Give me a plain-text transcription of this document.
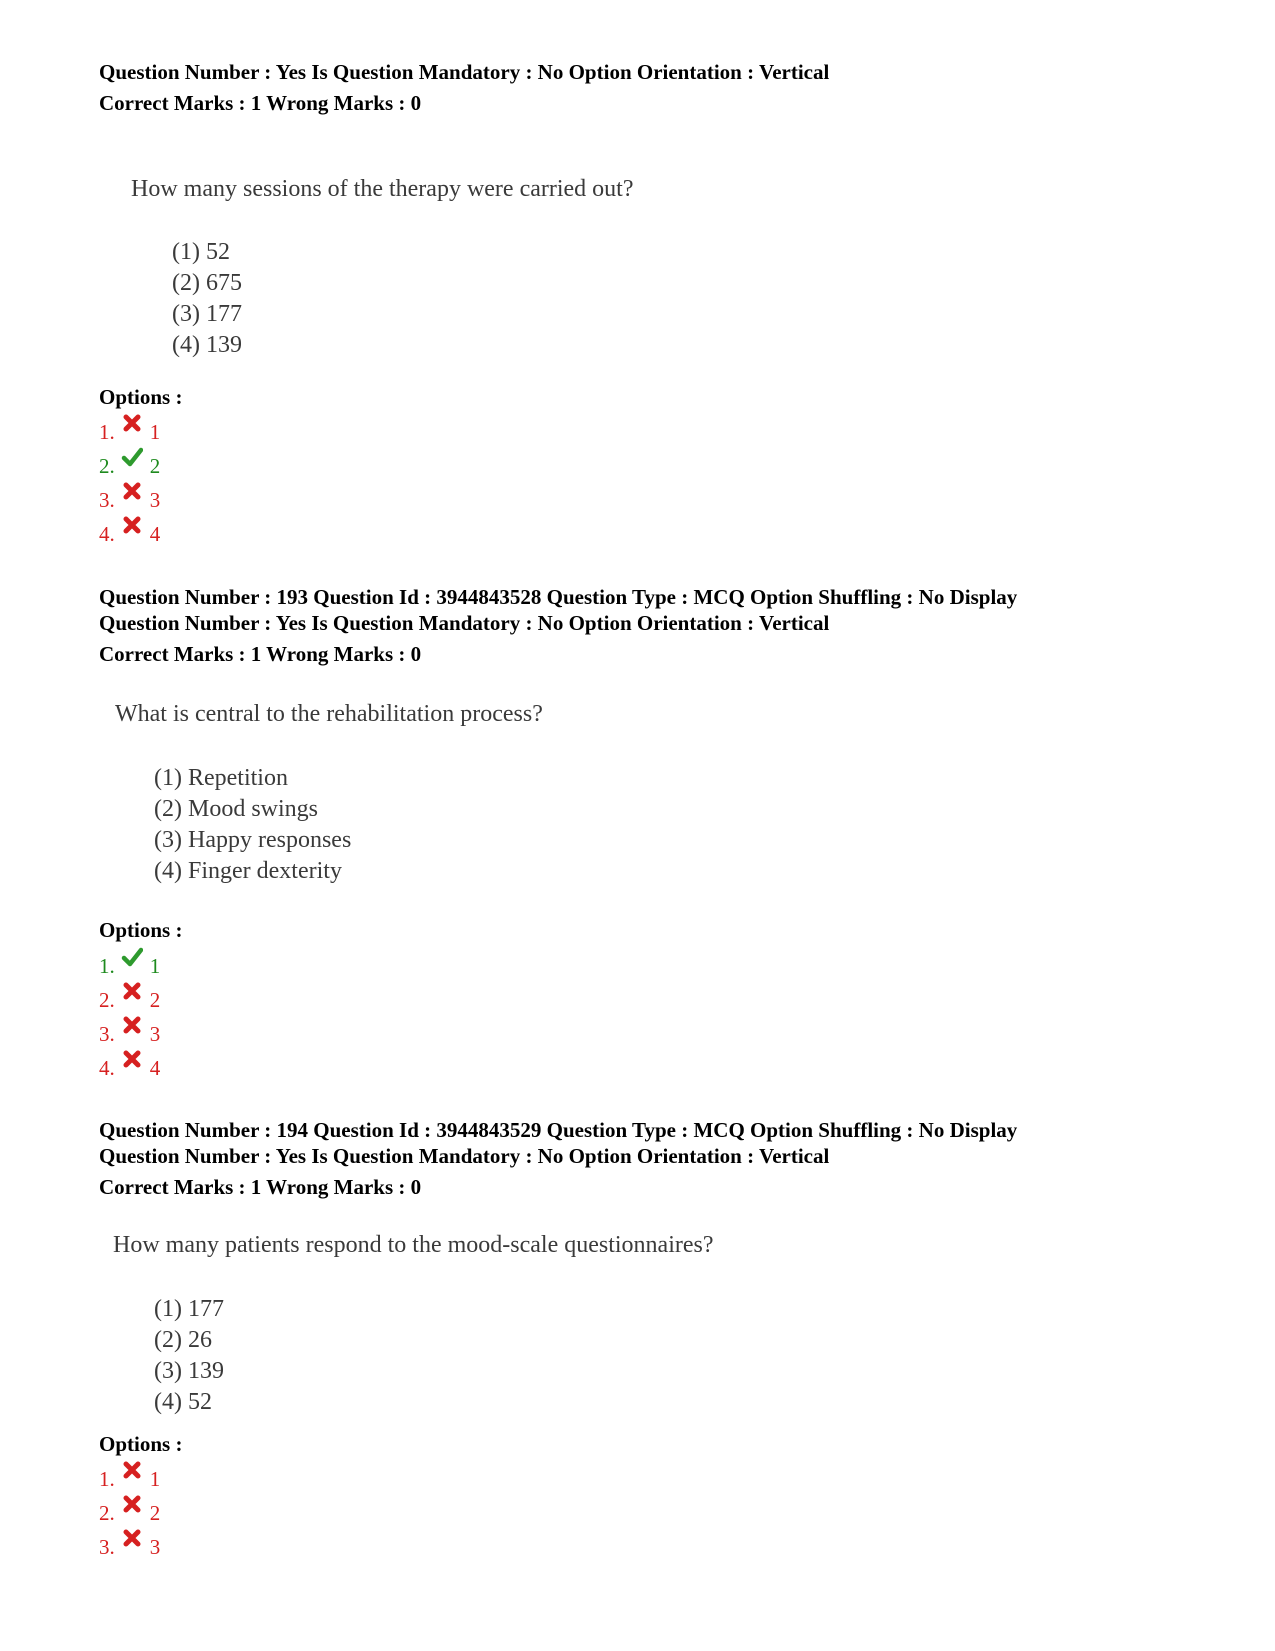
Question Number : Yes Is Question Mandatory : No Option Orientation : Vertical
Correct Marks : 1 Wrong Marks : 0
How many sessions of the therapy were carried out?
(1) 52
(2) 675
(3) 177
(4) 139
Options :
1. 1
2. 2
3. 3
4. 4
Question Number : 193 Question Id : 3944843528 Question Type : MCQ Option Shuffling : No Display
Question Number : Yes Is Question Mandatory : No Option Orientation : Vertical
Correct Marks : 1 Wrong Marks : 0
What is central to the rehabilitation process?
(1) Repetition
(2) Mood swings
(3) Happy responses
(4) Finger dexterity
Options :
1. 1
2. 2
3. 3
4. 4
Question Number : 194 Question Id : 3944843529 Question Type : MCQ Option Shuffling : No Display
Question Number : Yes Is Question Mandatory : No Option Orientation : Vertical
Correct Marks : 1 Wrong Marks : 0
How many patients respond to the mood-scale questionnaires?
(1) 177
(2) 26
(3) 139
(4) 52
Options :
1. 1
2. 2
3. 3
